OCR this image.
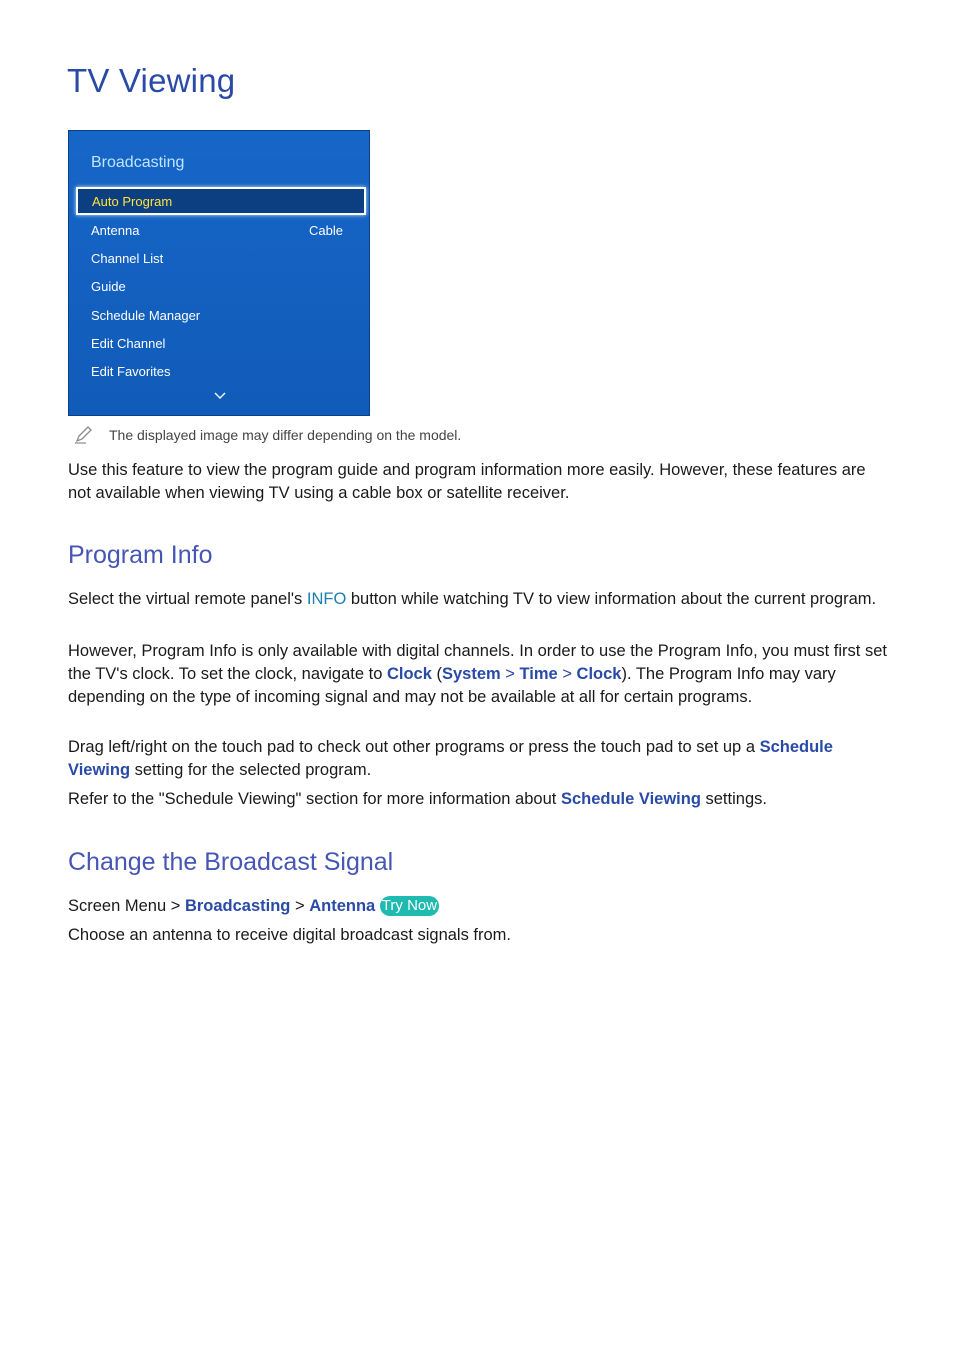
TV Viewing
Broadcasting
Auto Program
Antenna	Cable
Channel List
Guide
Schedule Manager
Edit Channel
Edit Favorites
The displayed image may differ depending on the model.

Use this feature to view the program guide and program information more easily. However, these features are not available when viewing TV using a cable box or satellite receiver.

Program Info

Select the virtual remote panel's INFO button while watching TV to view information about the current program.

However, Program Info is only available with digital channels. In order to use the Program Info, you must first set the TV's clock. To set the clock, navigate to Clock (System > Time > Clock). The Program Info may vary depending on the type of incoming signal and may not be available at all for certain programs.

Drag left/right on the touch pad to check out other programs or press the touch pad to set up a Schedule Viewing setting for the selected program.

Refer to the "Schedule Viewing" section for more information about Schedule Viewing settings.

Change the Broadcast Signal

Screen Menu > Broadcasting > Antenna Try Now

Choose an antenna to receive digital broadcast signals from.
